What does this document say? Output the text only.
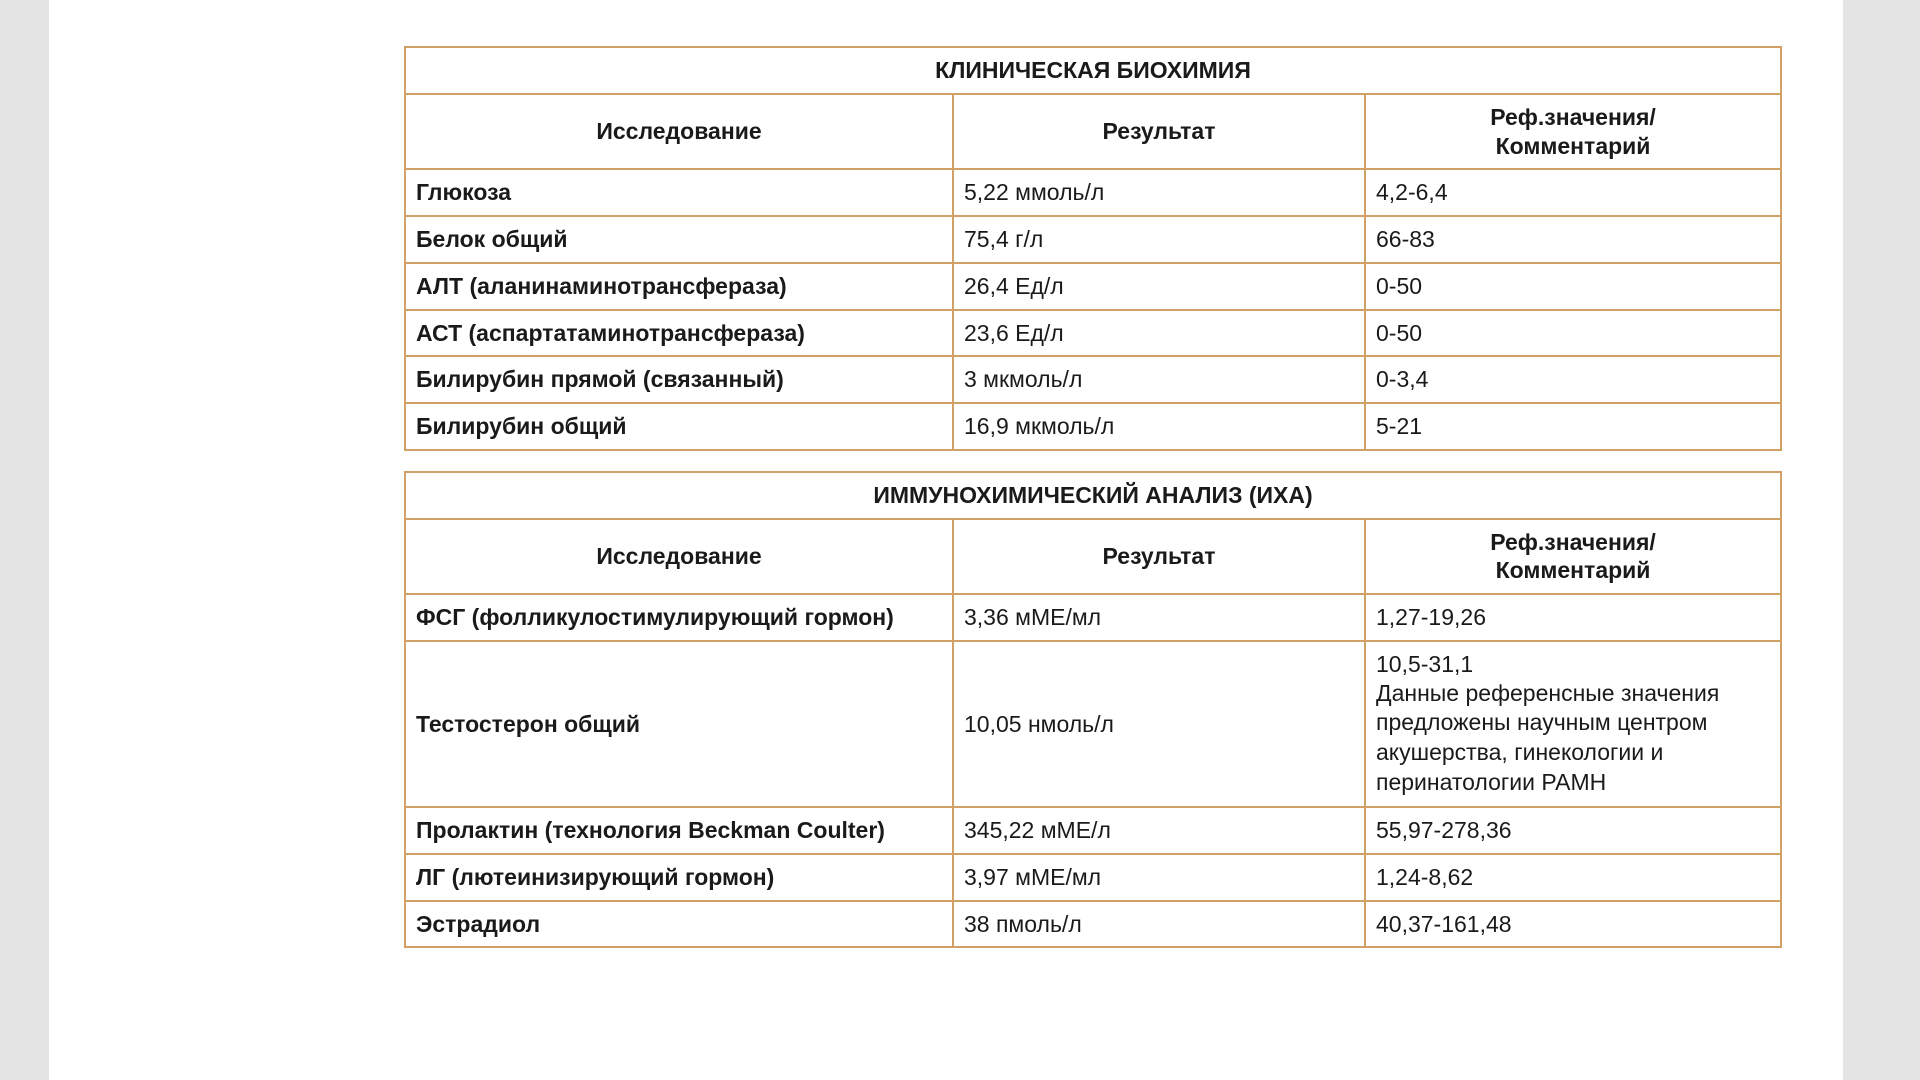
КЛИНИЧЕСКАЯ БИОХИМИЯ		
Исследование	Результат	Реф.значения/
Комментарий
Глюкоза	5,22 ммоль/л	4,2-6,4
Белок общий	75,4 г/л	66-83
АЛТ (аланинаминотрансфераза)	26,4 Ед/л	0-50
АСТ (аспартатаминотрансфераза)	23,6 Ед/л	0-50
Билирубин прямой (связанный)	3 мкмоль/л	0-3,4
Билирубин общий	16,9 мкмоль/л	5-21
ИММУНОХИМИЧЕСКИЙ АНАЛИЗ (ИХА)		
Исследование	Результат	Реф.значения/
Комментарий
ФСГ (фолликулостимулирующий гормон)	3,36 мМЕ/мл	1,27-19,26
Тестостерон общий	10,05 нмоль/л	10,5-31,1
Данные референсные значения предложены научным центром акушерства, гинекологии и перинатологии РАМН

Пролактин (технология Beckman Coulter)	345,22 мМЕ/л	55,97-278,36
ЛГ (лютеинизирующий гормон)	3,97 мМЕ/мл	1,24-8,62
Эстрадиол	38 пмоль/л	40,37-161,48
